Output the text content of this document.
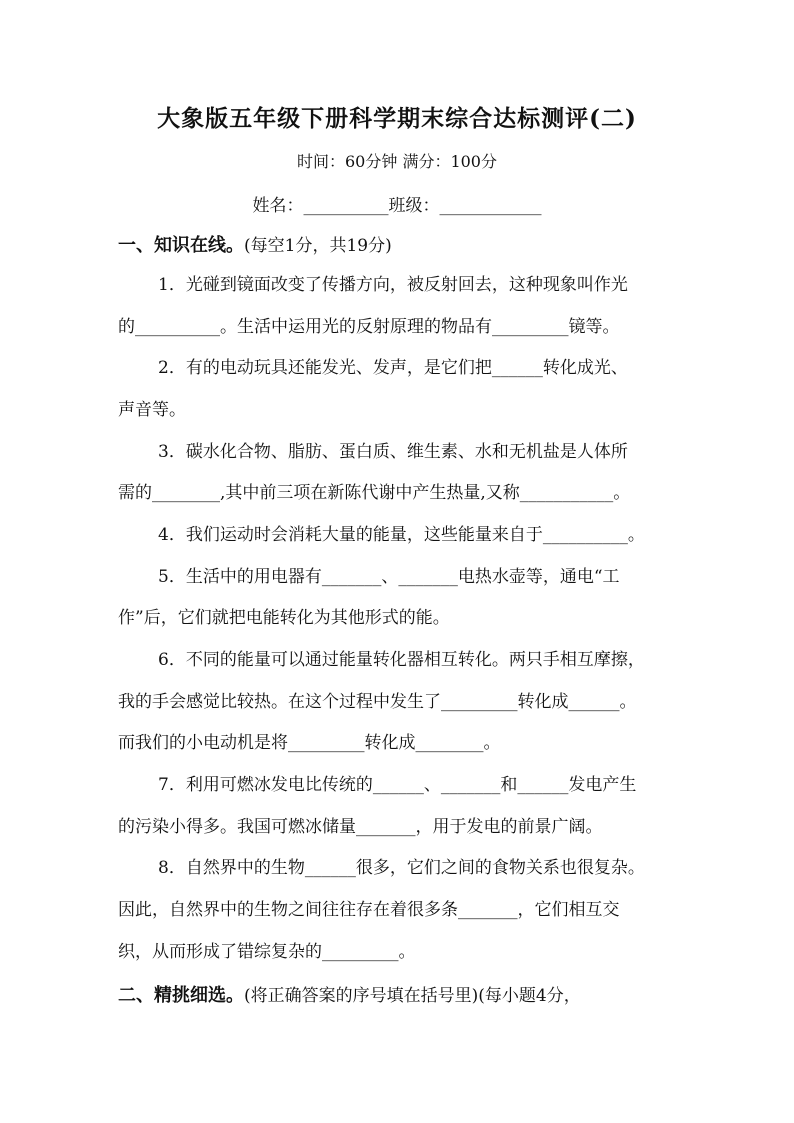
大象版五年级下册科学期末综合达标测评(二)
时间：60分钟 满分：100分
姓名：__________班级：____________
一、知识在线。(每空1分，共19分)
1．光碰到镜面改变了传播方向，被反射回去，这种现象叫作光
的__________。生活中运用光的反射原理的物品有_________镜等。
2．有的电动玩具还能发光、发声，是它们把______转化成光、
声音等。
3．碳水化合物、脂肪、蛋白质、维生素、水和无机盐是人体所
需的________,其中前三项在新陈代谢中产生热量,又称___________。
4．我们运动时会消耗大量的能量，这些能量来自于__________。
5．生活中的用电器有_______、_______电热水壶等，通电“工
作”后，它们就把电能转化为其他形式的能。
6．不同的能量可以通过能量转化器相互转化。两只手相互摩擦，
我的手会感觉比较热。在这个过程中发生了_________转化成______。
而我们的小电动机是将_________转化成________。
7．利用可燃冰发电比传统的______、_______和______发电产生
的污染小得多。我国可燃冰储量_______，用于发电的前景广阔。
8．自然界中的生物______很多，它们之间的食物关系也很复杂。
因此，自然界中的生物之间往往存在着很多条_______，它们相互交
织，从而形成了错综复杂的_________。
二、精挑细选。(将正确答案的序号填在括号里)(每小题4分，
